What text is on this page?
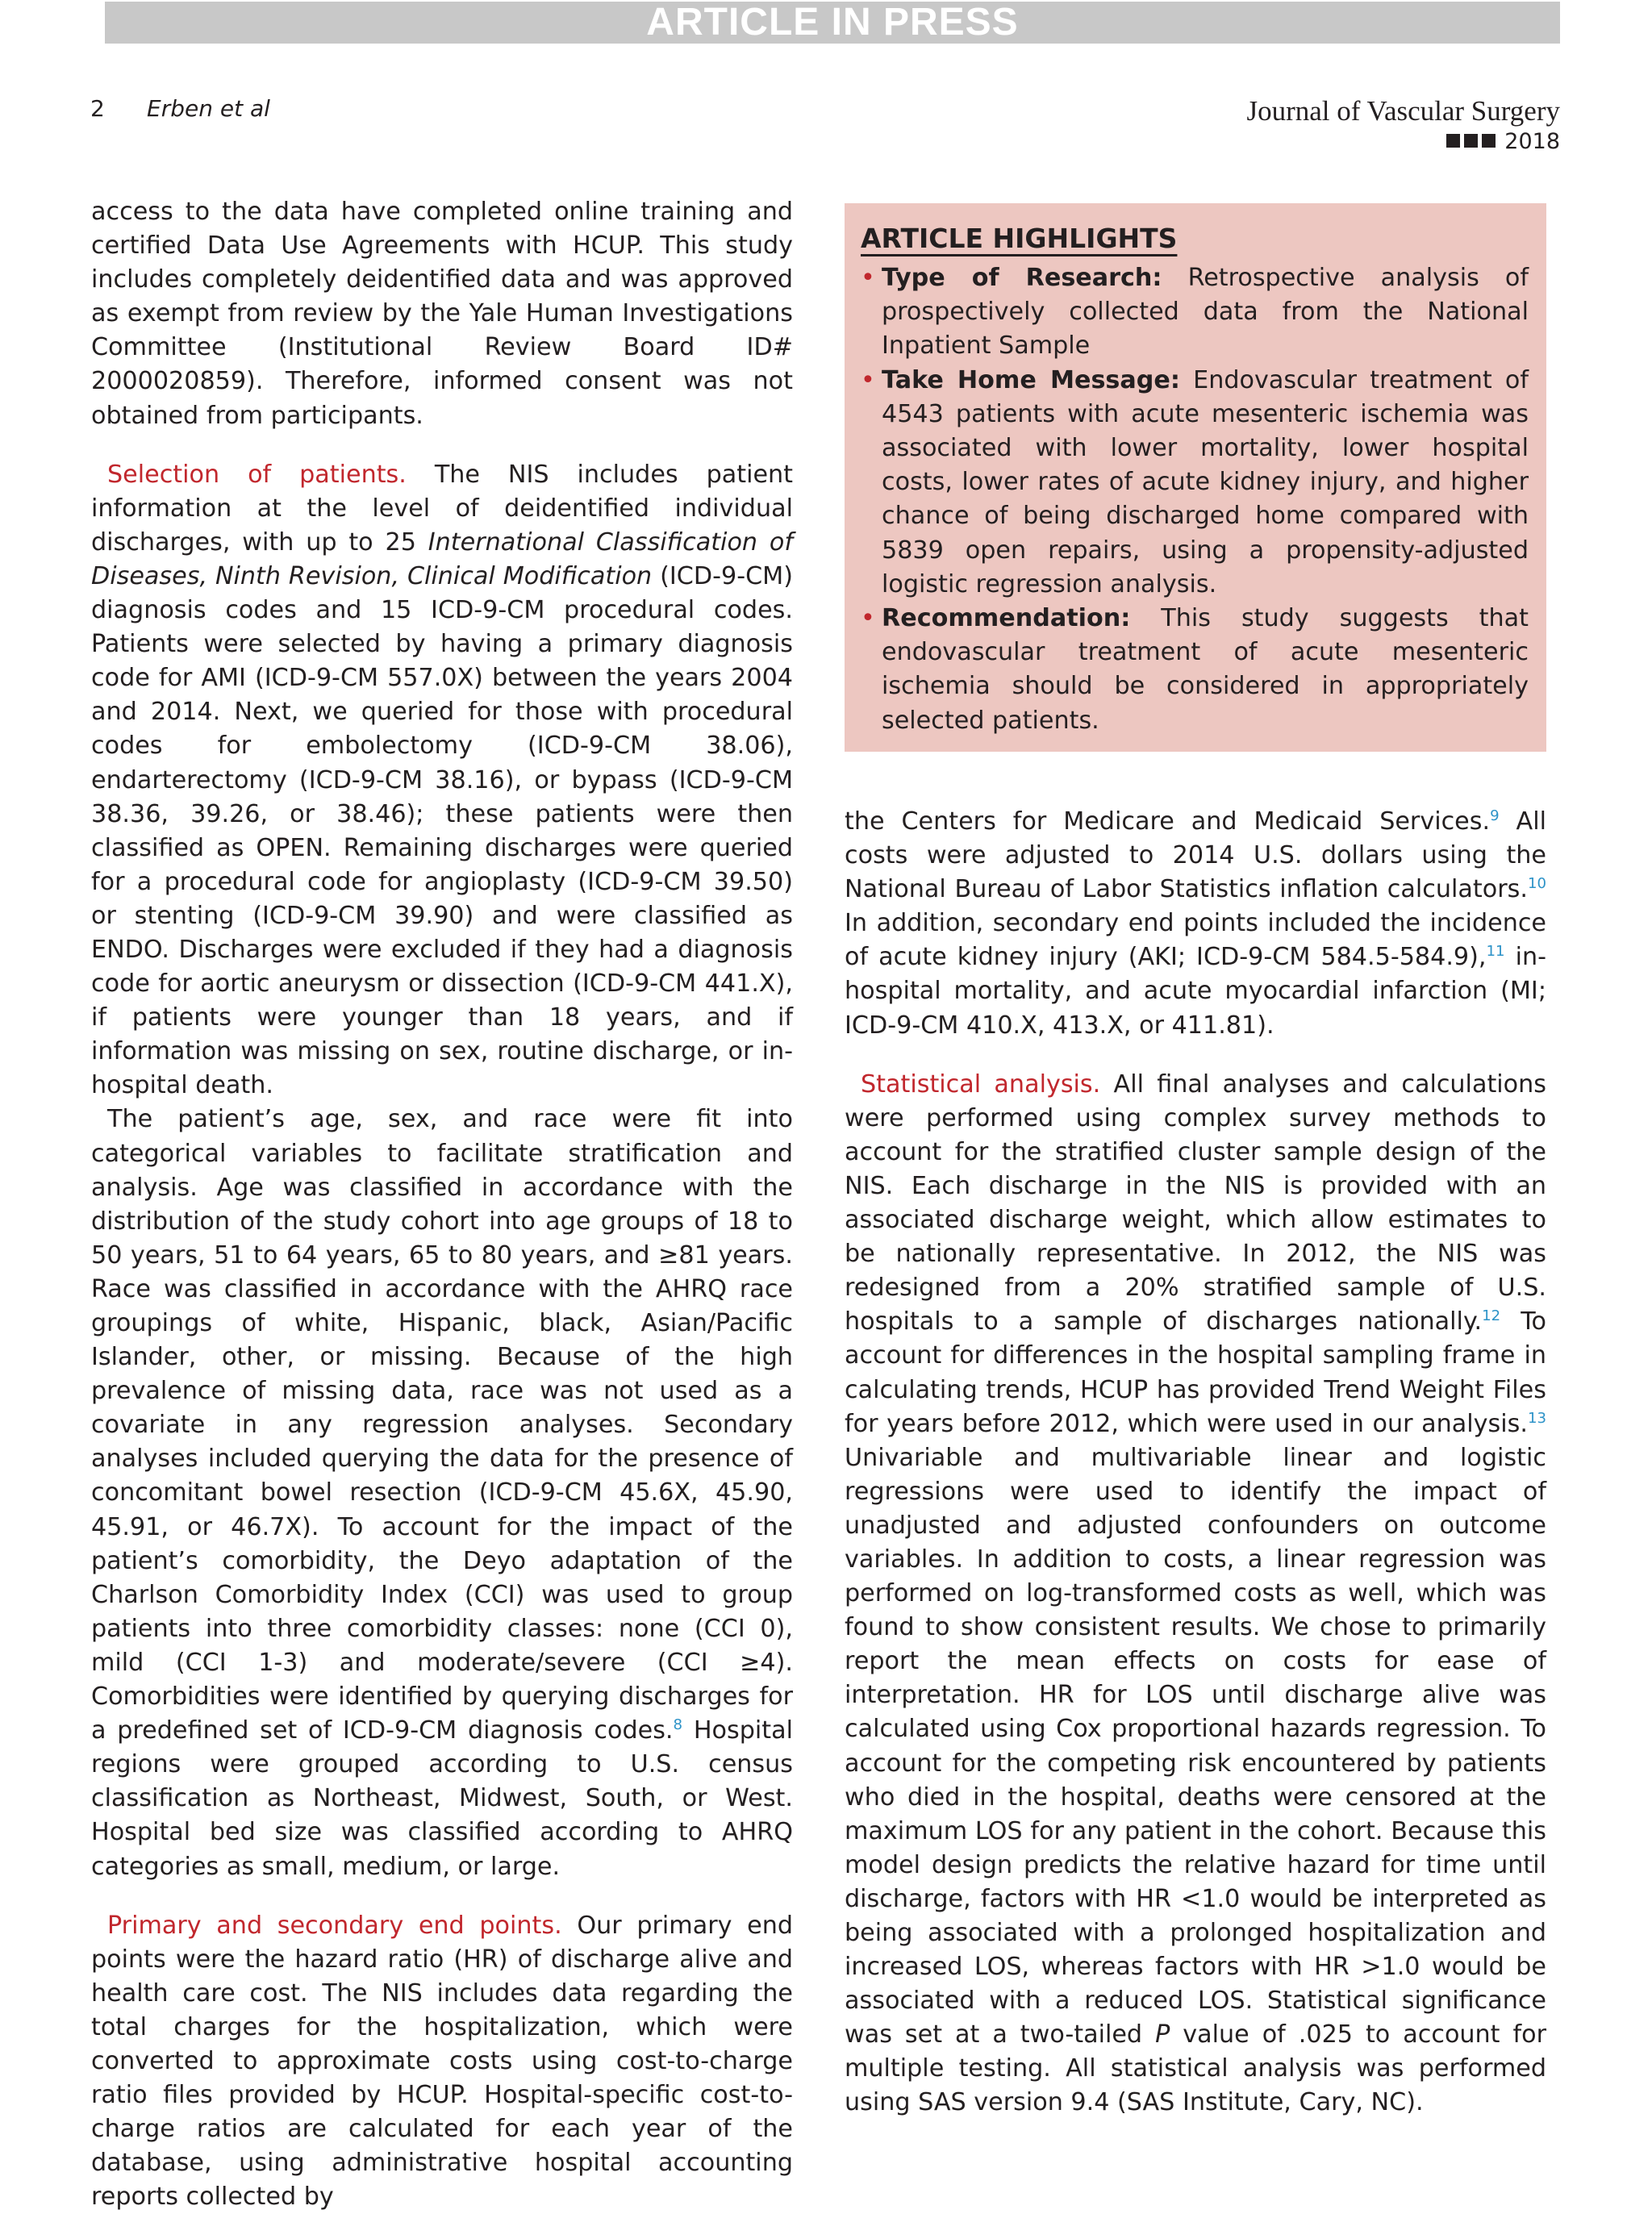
ARTICLE IN PRESS
2 Erben et al	Journal of Vascular Surgery
2018

access to the data have completed online training and certified Data Use Agreements with HCUP. This study includes completely deidentified data and was approved as exempt from review by the Yale Human Investigations Committee (Institutional Review Board ID# 2000020859). Therefore, informed consent was not obtained from participants.

Selection of patients. The NIS includes patient information at the level of deidentified individual discharges, with up to 25 International Classification of Diseases, Ninth Revision, Clinical Modification (ICD-9-CM) diagnosis codes and 15 ICD-9-CM procedural codes. Patients were selected by having a primary diagnosis code for AMI (ICD-9-CM 557.0X) between the years 2004 and 2014. Next, we queried for those with procedural codes for embolectomy (ICD-9-CM 38.06), endarterectomy (ICD-9-CM 38.16), or bypass (ICD-9-CM 38.36, 39.26, or 38.46); these patients were then classified as OPEN. Remaining discharges were queried for a procedural code for angioplasty (ICD-9-CM 39.50) or stenting (ICD-9-CM 39.90) and were classified as ENDO. Discharges were excluded if they had a diagnosis code for aortic aneurysm or dissection (ICD-9-CM 441.X), if patients were younger than 18 years, and if information was missing on sex, routine discharge, or in-hospital death.

The patient’s age, sex, and race were fit into categorical variables to facilitate stratification and analysis. Age was classified in accordance with the distribution of the study cohort into age groups of 18 to 50 years, 51 to 64 years, 65 to 80 years, and ≥81 years. Race was classified in accordance with the AHRQ race groupings of white, Hispanic, black, Asian/Pacific Islander, other, or missing. Because of the high prevalence of missing data, race was not used as a covariate in any regression analyses. Secondary analyses included querying the data for the presence of concomitant bowel resection (ICD-9-CM 45.6X, 45.90, 45.91, or 46.7X). To account for the impact of the patient’s comorbidity, the Deyo adaptation of the Charlson Comorbidity Index (CCI) was used to group patients into three comorbidity classes: none (CCI 0), mild (CCI 1-3) and moderate/severe (CCI ≥4). Comorbidities were identified by querying discharges for a predefined set of ICD-9-CM diagnosis codes.$^8$ Hospital regions were grouped according to U.S. census classification as Northeast, Midwest, South, or West. Hospital bed size was classified according to AHRQ categories as small, medium, or large.

Primary and secondary end points. Our primary end points were the hazard ratio (HR) of discharge alive and health care cost. The NIS includes data regarding the total charges for the hospitalization, which were converted to approximate costs using cost-to-charge ratio files provided by HCUP. Hospital-specific cost-to-charge ratios are calculated for each year of the database, using administrative hospital accounting reports collected by

ARTICLE HIGHLIGHTS
• Type of Research: Retrospective analysis of prospectively collected data from the National Inpatient Sample
• Take Home Message: Endovascular treatment of 4543 patients with acute mesenteric ischemia was associated with lower mortality, lower hospital costs, lower rates of acute kidney injury, and higher chance of being discharged home compared with 5839 open repairs, using a propensity-adjusted logistic regression analysis.
• Recommendation: This study suggests that endovascular treatment of acute mesenteric ischemia should be considered in appropriately selected patients.

the Centers for Medicare and Medicaid Services.$^9$ All costs were adjusted to 2014 U.S. dollars using the National Bureau of Labor Statistics inflation calculators.$^{10}$ In addition, secondary end points included the incidence of acute kidney injury (AKI; ICD-9-CM 584.5-584.9),$^{11}$ in-hospital mortality, and acute myocardial infarction (MI; ICD-9-CM 410.X, 413.X, or 411.81).

Statistical analysis. All final analyses and calculations were performed using complex survey methods to account for the stratified cluster sample design of the NIS. Each discharge in the NIS is provided with an associated discharge weight, which allow estimates to be nationally representative. In 2012, the NIS was redesigned from a 20% stratified sample of U.S. hospitals to a sample of discharges nationally.$^{12}$ To account for differences in the hospital sampling frame in calculating trends, HCUP has provided Trend Weight Files for years before 2012, which were used in our analysis.$^{13}$ Univariable and multivariable linear and logistic regressions were used to identify the impact of unadjusted and adjusted confounders on outcome variables. In addition to costs, a linear regression was performed on log-transformed costs as well, which was found to show consistent results. We chose to primarily report the mean effects on costs for ease of interpretation. HR for LOS until discharge alive was calculated using Cox proportional hazards regression. To account for the competing risk encountered by patients who died in the hospital, deaths were censored at the maximum LOS for any patient in the cohort. Because this model design predicts the relative hazard for time until discharge, factors with HR <1.0 would be interpreted as being associated with a prolonged hospitalization and increased LOS, whereas factors with HR >1.0 would be associated with a reduced LOS. Statistical significance was set at a two-tailed P value of .025 to account for multiple testing. All statistical analysis was performed using SAS version 9.4 (SAS Institute, Cary, NC).
